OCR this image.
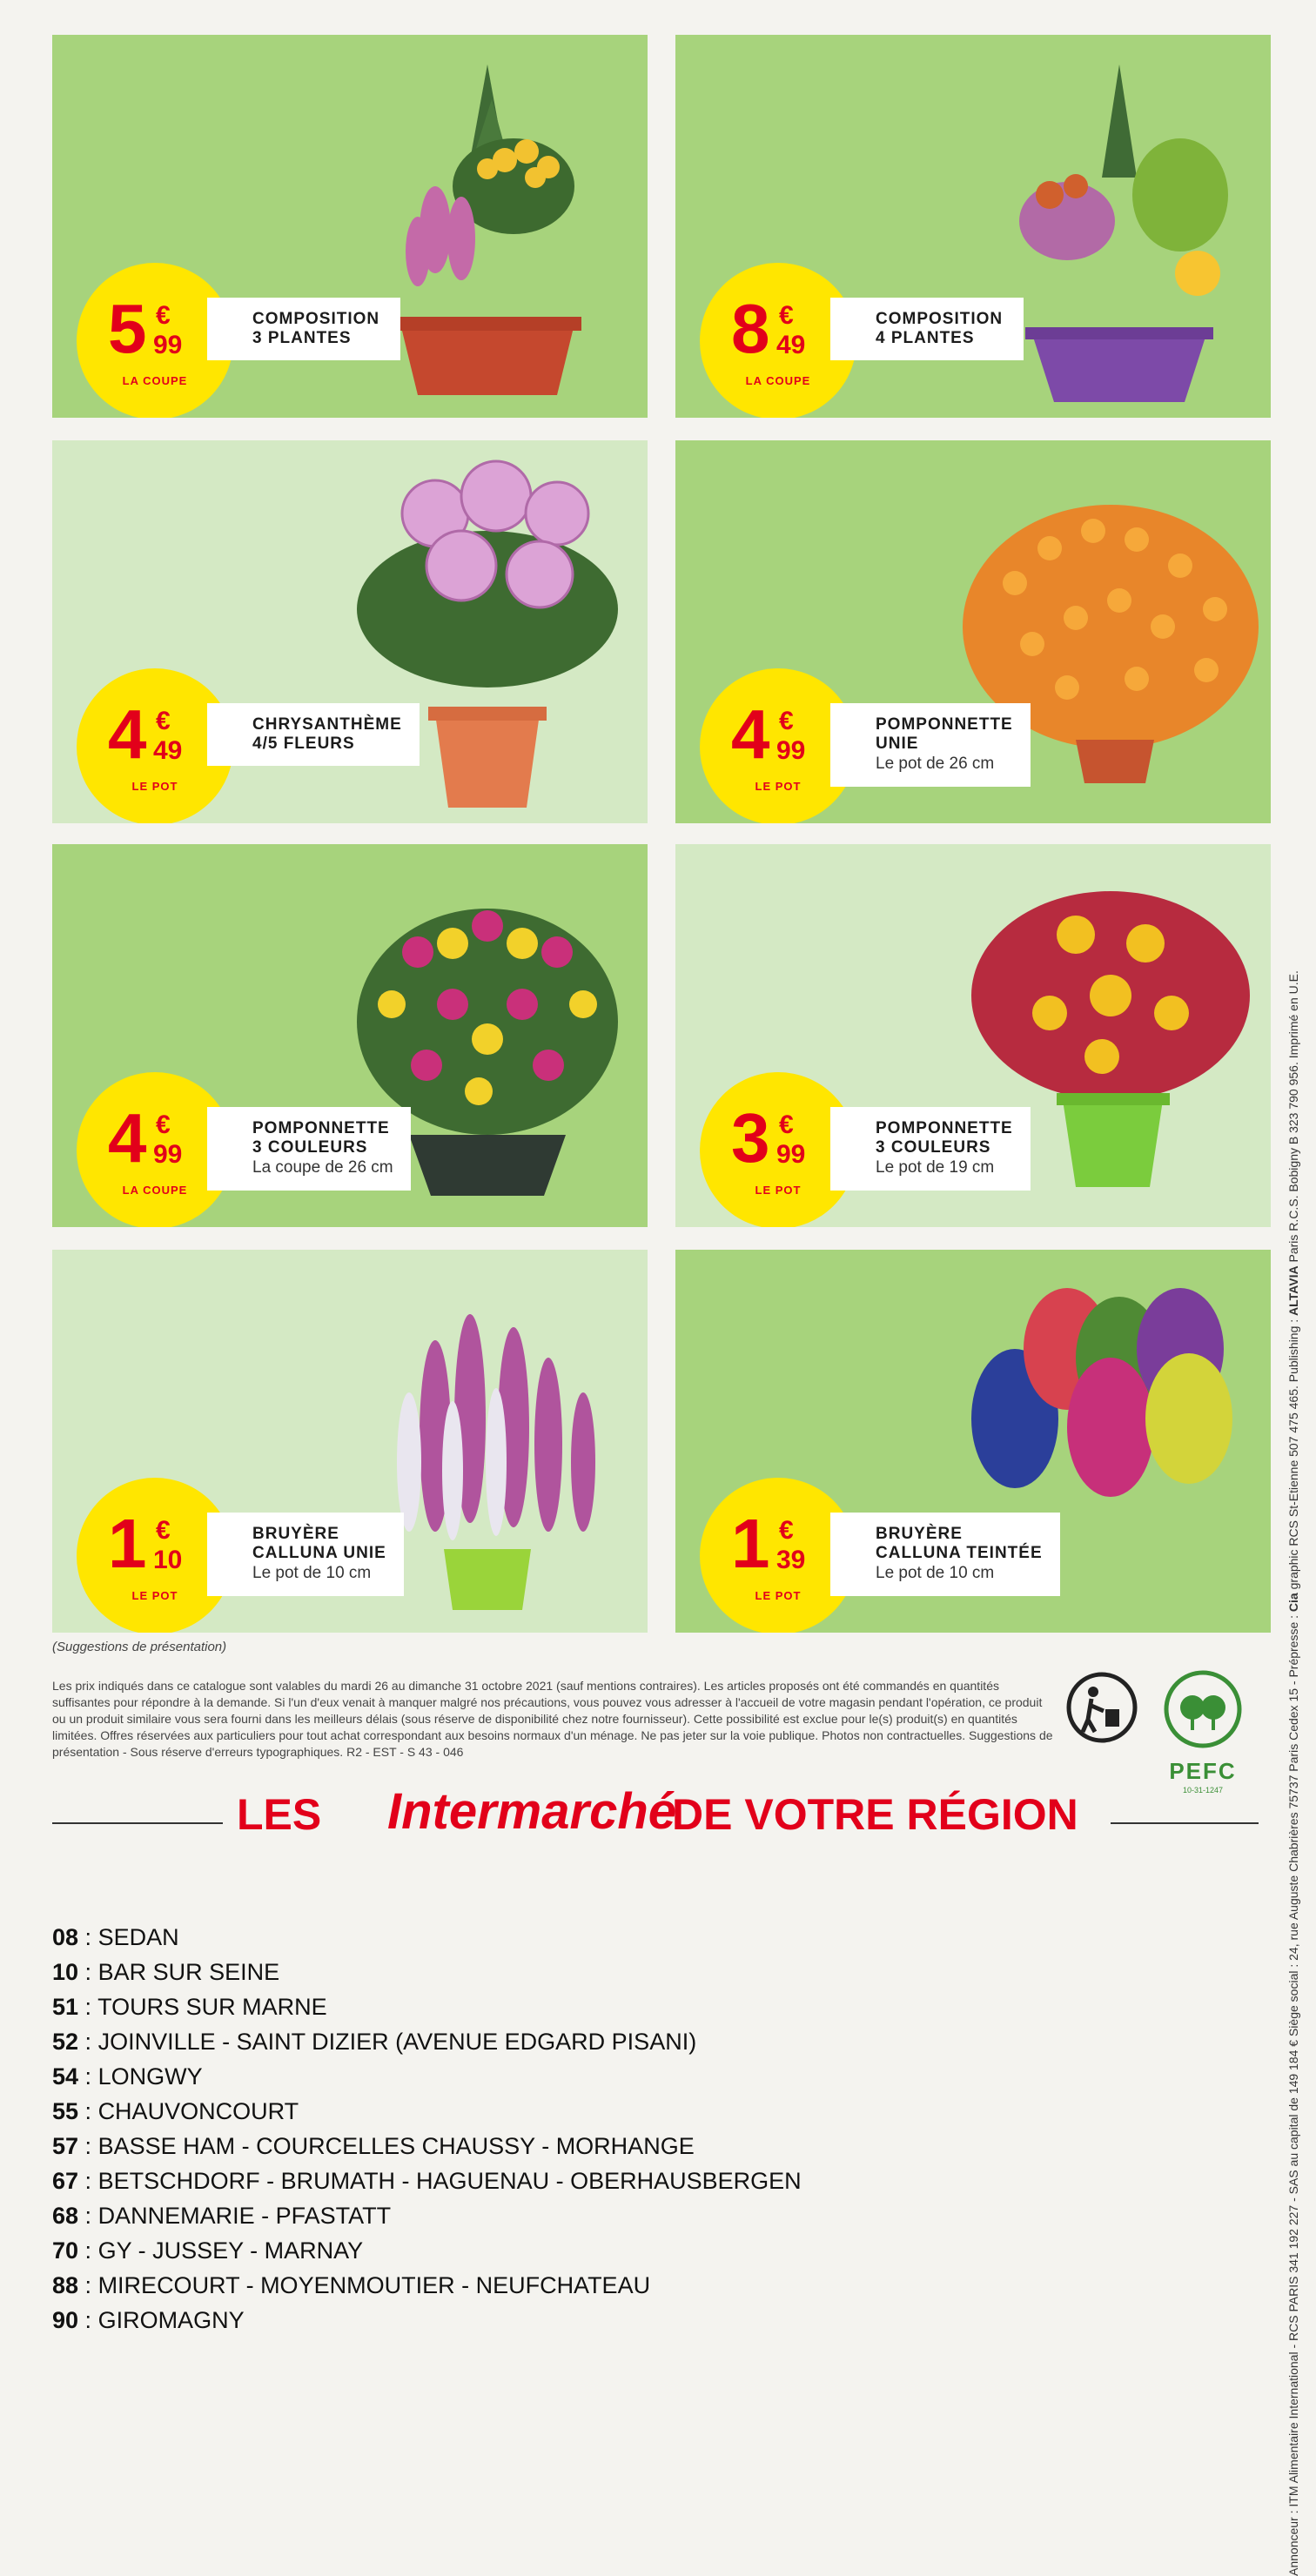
5 €
99
LA COUPE
COMPOSITION
3 PLANTES	8 €
49
LA COUPE
COMPOSITION
4 PLANTES
4 €
49
LE POT
CHRYSANTHÈME
4/5 FLEURS	4 €
99
LE POT
POMPONNETTE
UNIE
Le pot de 26 cm
4 €
99
LA COUPE
POMPONNETTE
3 COULEURS
La coupe de 26 cm	3 €
99
LE POT
POMPONNETTE
3 COULEURS
Le pot de 19 cm
1 €
10
LE POT
BRUYÈRE
CALLUNA UNIE
Le pot de 10 cm	1 €
39
LE POT
BRUYÈRE
CALLUNA TEINTÉE
Le pot de 10 cm
(Suggestions de présentation)
Les prix indiqués dans ce catalogue sont valables du mardi 26 au dimanche 31 octobre 2021 (sauf mentions contraires). Les articles proposés ont été commandés en quantités suffisantes pour répondre à la demande. Si l'un d'eux venait à manquer malgré nos précautions, vous pouvez vous adresser à l'accueil de votre magasin pendant l'opération, ce produit ou un produit similaire vous sera fourni dans les meilleurs délais (sous réserve de disponibilité chez notre fournisseur). Cette possibilité est exclue pour le(s) produit(s) en quantités limitées. Offres réservées aux particuliers pour tout achat correspondant aux besoins normaux d'un ménage. Ne pas jeter sur la voie publique. Photos non contractuelles. Suggestions de présentation - Sous réserve d'erreurs typographiques. R2 - EST - S 43 - 046
PEFC
10-31-1247
LES Intermarché
DE VOTRE RÉGION
08 : SEDAN
10 : BAR SUR SEINE
51 : TOURS SUR MARNE
52 : JOINVILLE - SAINT DIZIER (AVENUE EDGARD PISANI)
54 : LONGWY
55 : CHAUVONCOURT
57 : BASSE HAM - COURCELLES CHAUSSY - MORHANGE
67 : BETSCHDORF - BRUMATH - HAGUENAU - OBERHAUSBERGEN
68 : DANNEMARIE - PFASTATT
70 : GY - JUSSEY - MARNAY
88 : MIRECOURT - MOYENMOUTIER - NEUFCHATEAU
90 : GIROMAGNY	Annonceur : ITM Alimentaire International - RCS PARIS 341 192 227 - SAS au capital de 149 184 € Siège social : 24, rue Auguste Chabrières 75737 Paris Cedex 15 - Prépresse : Cia graphic RCS St-Etienne 507 475 465. Publishing : ALTAVIA Paris R.C.S. Bobigny B 323 790 956. Imprimé en U.E.
